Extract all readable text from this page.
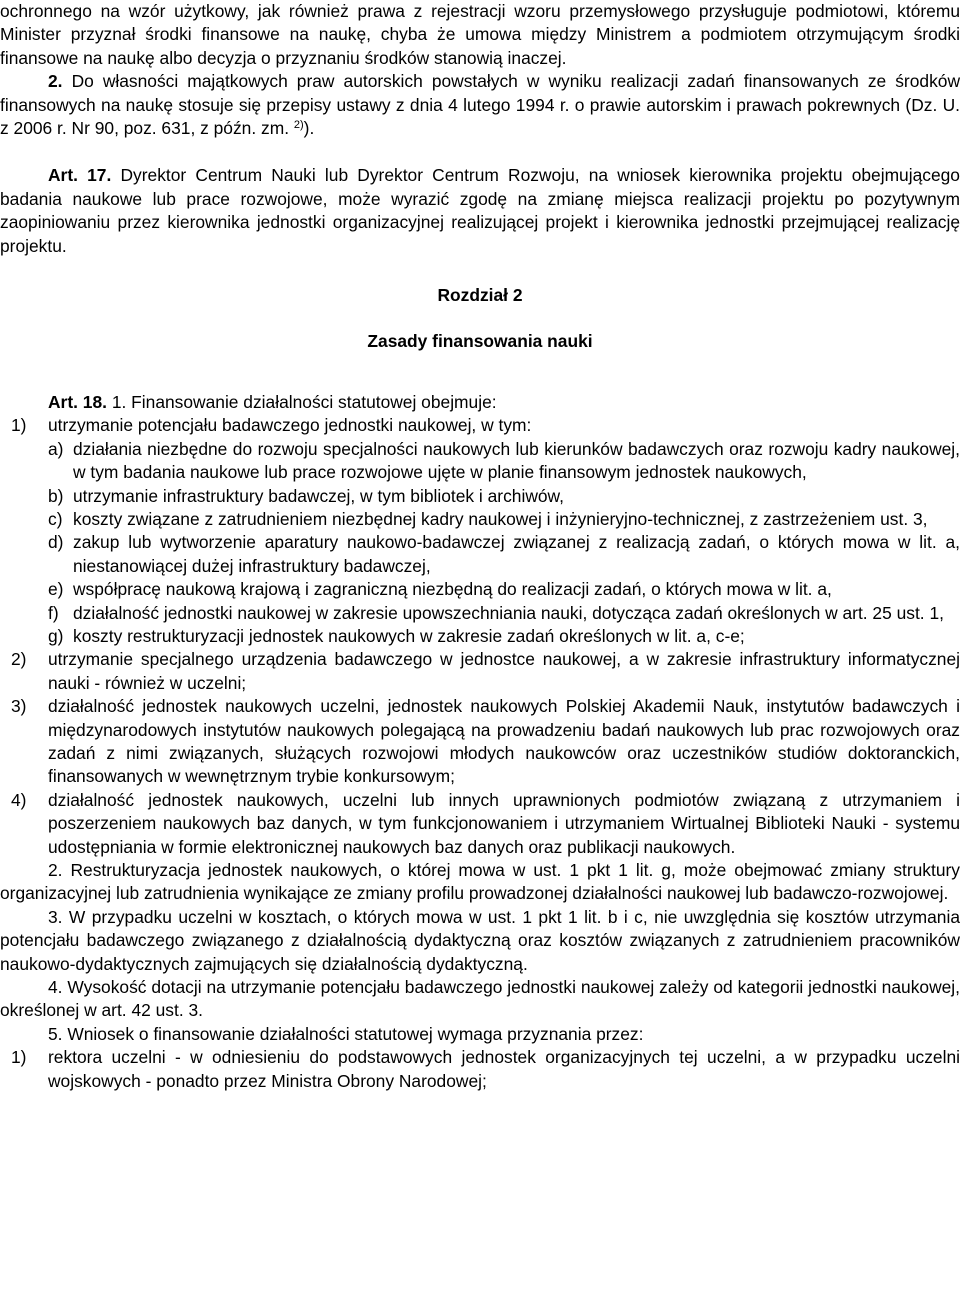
ochronnego na wzór użytkowy, jak również prawa z rejestracji wzoru przemysłowego przysługuje podmiotowi, któremu Minister przyznał środki finansowe na naukę, chyba że umowa między Ministrem a podmiotem otrzymującym środki finansowe na naukę albo decyzja o przyznaniu środków stanowią inaczej.

2. Do własności majątkowych praw autorskich powstałych w wyniku realizacji zadań finansowanych ze środków finansowych na naukę stosuje się przepisy ustawy z dnia 4 lutego 1994 r. o prawie autorskim i prawach pokrewnych (Dz. U. z 2006 r. Nr 90, poz. 631, z późn. zm. $^{2)}$).

Art. 17. Dyrektor Centrum Nauki lub Dyrektor Centrum Rozwoju, na wniosek kierownika projektu obejmującego badania naukowe lub prace rozwojowe, może wyrazić zgodę na zmianę miejsca realizacji projektu po pozytywnym zaopiniowaniu przez kierownika jednostki organizacyjnej realizującej projekt i kierownika jednostki przejmującej realizację projektu.

Rozdział 2

Zasady finansowania nauki

Art. 18. 1. Finansowanie działalności statutowej obejmuje:

1) utrzymanie potencjału badawczego jednostki naukowej, w tym:
a) działania niezbędne do rozwoju specjalności naukowych lub kierunków badawczych oraz rozwoju kadry naukowej, w tym badania naukowe lub prace rozwojowe ujęte w planie finansowym jednostek naukowych,
b) utrzymanie infrastruktury badawczej, w tym bibliotek i archiwów,
c) koszty związane z zatrudnieniem niezbędnej kadry naukowej i inżynieryjno-technicznej, z zastrzeżeniem ust. 3,
d) zakup lub wytworzenie aparatury naukowo-badawczej związanej z realizacją zadań, o których mowa w lit. a, niestanowiącej dużej infrastruktury badawczej,
e) współpracę naukową krajową i zagraniczną niezbędną do realizacji zadań, o których mowa w lit. a,
f) działalność jednostki naukowej w zakresie upowszechniania nauki, dotycząca zadań określonych w art. 25 ust. 1,
g) koszty restrukturyzacji jednostek naukowych w zakresie zadań określonych w lit. a, c-e;
2) utrzymanie specjalnego urządzenia badawczego w jednostce naukowej, a w zakresie infrastruktury informatycznej nauki - również w uczelni;
3) działalność jednostek naukowych uczelni, jednostek naukowych Polskiej Akademii Nauk, instytutów badawczych i międzynarodowych instytutów naukowych polegającą na prowadzeniu badań naukowych lub prac rozwojowych oraz zadań z nimi związanych, służących rozwojowi młodych naukowców oraz uczestników studiów doktoranckich, finansowanych w wewnętrznym trybie konkursowym;
4) działalność jednostek naukowych, uczelni lub innych uprawnionych podmiotów związaną z utrzymaniem i poszerzeniem naukowych baz danych, w tym funkcjonowaniem i utrzymaniem Wirtualnej Biblioteki Nauki - systemu udostępniania w formie elektronicznej naukowych baz danych oraz publikacji naukowych.

2. Restrukturyzacja jednostek naukowych, o której mowa w ust. 1 pkt 1 lit. g, może obejmować zmiany struktury organizacyjnej lub zatrudnienia wynikające ze zmiany profilu prowadzonej działalności naukowej lub badawczo-rozwojowej.

3. W przypadku uczelni w kosztach, o których mowa w ust. 1 pkt 1 lit. b i c, nie uwzględnia się kosztów utrzymania potencjału badawczego związanego z działalnością dydaktyczną oraz kosztów związanych z zatrudnieniem pracowników naukowo-dydaktycznych zajmujących się działalnością dydaktyczną.

4. Wysokość dotacji na utrzymanie potencjału badawczego jednostki naukowej zależy od kategorii jednostki naukowej, określonej w art. 42 ust. 3.

5. Wniosek o finansowanie działalności statutowej wymaga przyznania przez:

1) rektora uczelni - w odniesieniu do podstawowych jednostek organizacyjnych tej uczelni, a w przypadku uczelni wojskowych - ponadto przez Ministra Obrony Narodowej;
